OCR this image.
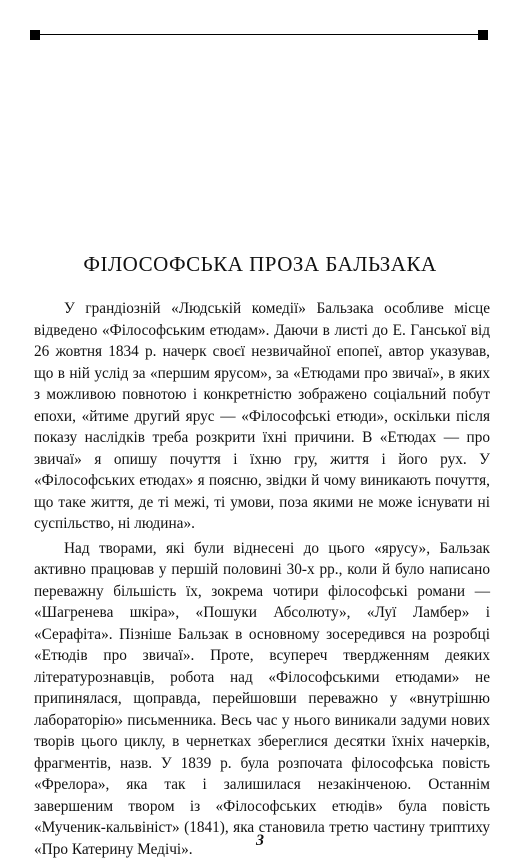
ФІЛОСОФСЬКА ПРОЗА БАЛЬЗАКА

У грандіозній «Людській комедії» Бальзака особливе місце відведено «Філософським етюдам». Даючи в листі до Е. Ганської від 26 жовтня 1834 р. начерк своєї незвичайної епопеї, автор указував, що в ній услід за «першим ярусом», за «Етюдами про звичаї», в яких з можливою повнотою і конкретністю зображено соціальний побут епохи, «йтиме другий ярус — «Філософські етюди», оскільки після показу наслідків треба розкрити їхні причини. В «Етюдах — про звичаї» я опишу почуття і їхню гру, життя і його рух. У «Філософських етюдах» я поясню, звідки й чому виникають почуття, що таке життя, де ті межі, ті умови, поза якими не може існувати ні суспільство, ні людина».

Над творами, які були віднесені до цього «ярусу», Бальзак активно працював у першій половині 30-х рр., коли й було написано переважну більшість їх, зокрема чотири філософські романи — «Шагренева шкіра», «Пошуки Абсолюту», «Луї Ламбер» і «Серафіта». Пізніше Бальзак в основному зосередився на розробці «Етюдів про звичаї». Проте, всупереч твердженням деяких літературознавців, робота над «Філософськими етюдами» не припинялася, щоправда, перейшовши переважно у «внутрішню лабораторію» письменника. Весь час у нього виникали задуми нових творів цього циклу, в чернетках збереглися десятки їхніх начерків, фрагментів, назв. У 1839 р. була розпочата філософська повість «Фрелора», яка так і залишилася незакінченою. Останнім завершеним твором із «Філософських етюдів» була повість «Мученик-кальвініст» (1841), яка становила третю частину триптиху «Про Катерину Медічі».	3
